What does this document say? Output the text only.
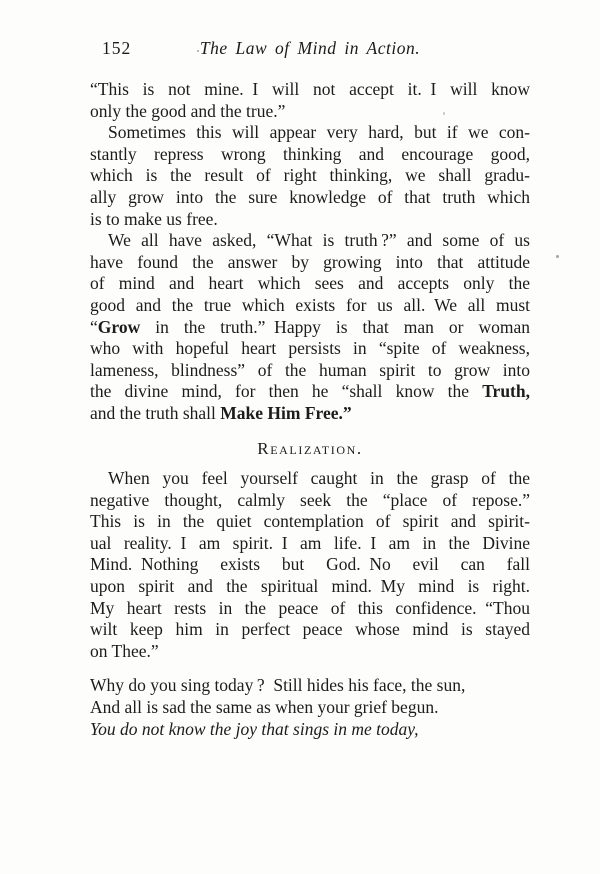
152	The Law of Mind in Action.
“This is not mine. I will not accept it. I will know
only the good and the true.”
Sometimes this will appear very hard, but if we con-
stantly repress wrong thinking and encourage good,
which is the result of right thinking, we shall gradu-
ally grow into the sure knowledge of that truth which
is to make us free.
We all have asked, “What is truth ?” and some of us
have found the answer by growing into that attitude
of mind and heart which sees and accepts only the
good and the true which exists for us all. We all must
“Grow in the truth.” Happy is that man or woman
who with hopeful heart persists in “spite of weakness,
lameness, blindness” of the human spirit to grow into
the divine mind, for then he “shall know the Truth,
and the truth shall Make Him Free.”
Realization.
When you feel yourself caught in the grasp of the
negative thought, calmly seek the “place of repose.”
This is in the quiet contemplation of spirit and spirit-
ual reality. I am spirit. I am life. I am in the Divine
Mind. Nothing exists but God. No evil can fall
upon spirit and the spiritual mind. My mind is right.
My heart rests in the peace of this confidence. “Thou
wilt keep him in perfect peace whose mind is stayed
on Thee.”
Why do you sing today ? Still hides his face, the sun,
And all is sad the same as when your grief begun.
You do not know the joy that sings in me today,
